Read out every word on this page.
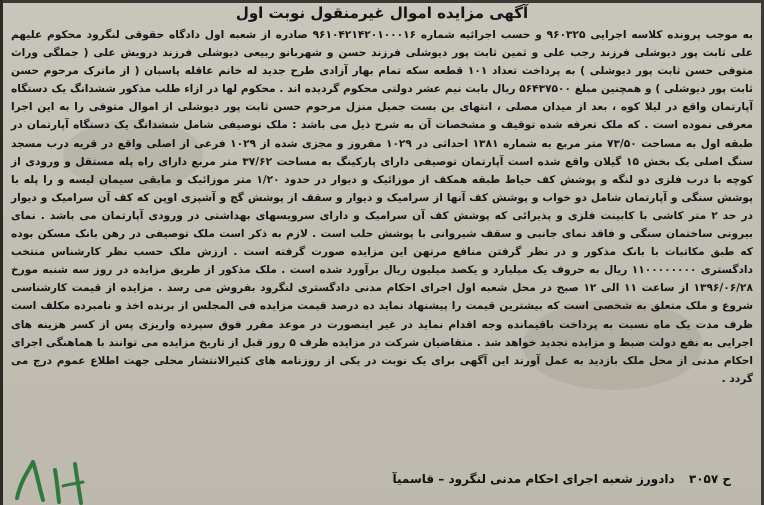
آگهی مزایده اموال غیرمنقول نوبت اول

به موجب پرونده کلاسه اجرایی ۹۶۰۳۲۵ و حسب اجرائیه شماره ۹۶۱۰۴۲۱۴۲۰۱۰۰۰۱۶ صادره از شعبه اول دادگاه حقوقی لنگرود محکوم علیهم علی ثابت پور دیوشلی فرزند رجب علی و ثمین ثابت پور دیوشلی فرزند حسن و شهربانو ربیعی دیوشلی فرزند درویش علی ( جملگی وراث متوفی حسن ثابت پور دیوشلی ) به پرداخت تعداد ۱۰۱ قطعه سکه تمام بهار آزادی طرح جدید له خانم عاقله پاسبان ( از ماترک مرحوم حسن ثابت پور دیوشلی ) و همچنین مبلغ ۵۶۴۳۷۵۰۰ ریال بابت نیم عشر دولتی محکوم گردیده اند . محکوم لها در ازاء طلب مذکور ششدانگ یک دستگاه آپارتمان واقع در لیلا کوه ، بعد از میدان مصلی ، انتهای بن بست جمیل منزل مرحوم حسن ثابت پور دیوشلی از اموال متوفی را به این اجرا معرفی نموده است . که ملک تعرفه شده توقیف و مشخصات آن به شرح ذیل می باشد : ملک توصیفی شامل ششدانگ یک دستگاه آپارتمان در طبقه اول به مساحت ۷۳/۵۰ متر مربع به شماره ۱۳۸۱ احداثی در ۱۰۲۹ مفروز و مجزی شده از ۱۰۲۹ فرعی از اصلی واقع در قریه درب مسجد سنگ اصلی یک بخش ۱۵ گیلان واقع شده است آپارتمان توصیفی دارای پارکینگ به مساحت ۳۷/۶۲ متر مربع دارای راه پله مستقل و ورودی از کوچه با درب فلزی دو لنگه و پوشش کف حیاط طبقه همکف از موزائیک و دیوار در حدود ۱/۲۰ متر موزائیک و مابقی سیمان لیسه و را پله با پوشش سنگی و آپارتمان شامل دو خواب و پوشش کف آنها از سرامیک و دیوار و سقف از پوشش گچ و آشپزی اوپن که کف آن سرامیک و دیوار در حد ۲ متر کاشی با کابینت فلزی و پذیرائی که پوشش کف آن سرامیک و دارای سرویسهای بهداشتی در ورودی آپارتمان می باشد . نمای بیرونی ساختمان سنگی و فاقد نمای جانبی و سقف شیروانی با پوشش حلب است . لازم به ذکر است ملک توصیفی در رهن بانک مسکن بوده که طبق مکاتبات با بانک مذکور و در نظر گرفتن منافع مرتهن این مزایده صورت گرفته است . ارزش ملک حسب نظر کارشناس منتخب دادگستری ۱۱۰۰۰۰۰۰۰۰ ریال به حروف یک میلیارد و یکصد میلیون ریال برآورد شده است . ملک مذکور از طریق مزایده در روز سه شنبه مورخ ۱۳۹۶/۰۶/۲۸ از ساعت ۱۱ الی ۱۲ صبح در محل شعبه اول اجرای احکام مدنی دادگستری لنگرود بفروش می رسد . مزایده از قیمت کارشناسی شروع و ملک متعلق به شخصی است که بیشترین قیمت را پیشنهاد نماید ده درصد قیمت مزایده فی المجلس از برنده اخذ و نامبرده مکلف است ظرف مدت یک ماه نسبت به پرداخت باقیمانده وجه اقدام نماید در غیر اینصورت در موعد مقرر فوق سپرده واریزی پس از کسر هزینه های اجرایی به نفع دولت ضبط و مزایده تجدید خواهد شد . متقاضیان شرکت در مزایده ظرف ۵ روز قبل از تاریخ مزایده می توانند با هماهنگی اجرای احکام مدنی از محل ملک بازدید به عمل آورند این آگهی برای یک نوبت در یکی از روزنامه های کثیرالانتشار محلی جهت اطلاع عموم درج می گردد .

ح ۳۰۵۷ دادورز شعبه اجرای احکام مدنی لنگرود – قاسمیآ
